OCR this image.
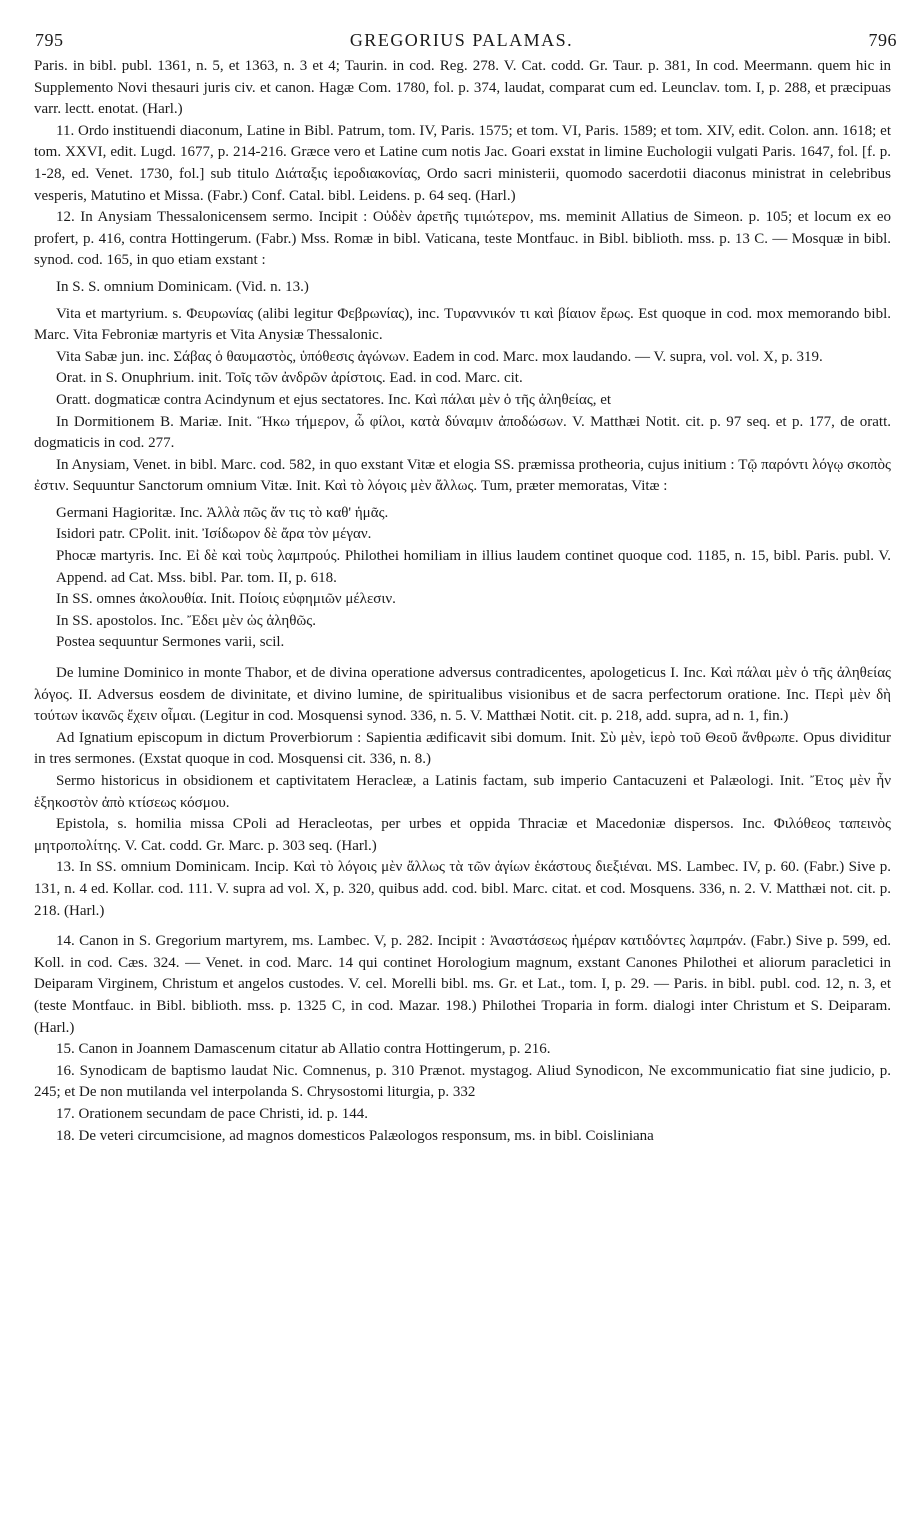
795	GREGORIUS PALAMAS.	796

Paris. in bibl. publ. 1361, n. 5, et 1363, n. 3 et 4; Taurin. in cod. Reg. 278. V. Cat. codd. Gr. Taur. p. 381, In cod. Meermann. quem hic in Supplemento Novi thesauri juris civ. et canon. Hagæ Com. 1780, fol. p. 374, laudat, comparat cum ed. Leunclav. tom. I, p. 288, et præcipuas varr. lectt. enotat. (Harl.)

11. Ordo instituendi diaconum, Latine in Bibl. Patrum, tom. IV, Paris. 1575; et tom. VI, Paris. 1589; et tom. XIV, edit. Colon. ann. 1618; et tom. XXVI, edit. Lugd. 1677, p. 214-216. Græce vero et Latine cum notis Jac. Goari exstat in limine Euchologii vulgati Paris. 1647, fol. [f. p. 1-28, ed. Venet. 1730, fol.] sub titulo Διάταξις ἱεροδιακονίας, Ordo sacri ministerii, quomodo sacerdotii diaconus ministrat in celebribus vesperis, Matutino et Missa. (Fabr.) Conf. Catal. bibl. Leidens. p. 64 seq. (Harl.)

12. In Anysiam Thessalonicensem sermo. Incipit : Οὐδὲν ἀρετῆς τιμιώτερον, ms. meminit Allatius de Simeon. p. 105; et locum ex eo profert, p. 416, contra Hottingerum. (Fabr.) Mss. Romæ in bibl. Vaticana, teste Montfauc. in Bibl. biblioth. mss. p. 13 C. — Mosquæ in bibl. synod. cod. 165, in quo etiam exstant :

In S. S. omnium Dominicam. (Vid. n. 13.)

Vita et martyrium. s. Φευρωνίας (alibi legitur Φεβρωνίας), inc. Τυραννικόν τι καὶ βίαιον ἔρως. Est quoque in cod. mox memorando bibl. Marc. Vita Febroniæ martyris et Vita Anysiæ Thessalonic.

Vita Sabæ jun. inc. Σάβας ὁ θαυμαστὸς, ὑπόθεσις ἀγώνων. Eadem in cod. Marc. mox laudando. — V. supra, vol. vol. X, p. 319.

Orat. in S. Onuphrium. init. Τοῖς τῶν ἀνδρῶν ἀρίστοις. Ead. in cod. Marc. cit.

Oratt. dogmaticæ contra Acindynum et ejus sectatores. Inc. Καὶ πάλαι μὲν ὁ τῆς ἀληθείας, et

In Dormitionem B. Mariæ. Init. Ἥκω τήμερον, ὦ φίλοι, κατὰ δύναμιν ἀποδώσων. V. Matthæi Notit. cit. p. 97 seq. et p. 177, de oratt. dogmaticis in cod. 277.

In Anysiam, Venet. in bibl. Marc. cod. 582, in quo exstant Vitæ et elogia SS. præmissa protheoria, cujus initium : Τῷ παρόντι λόγῳ σκοπὸς ἐστιν. Sequuntur Sanctorum omnium Vitæ. Init. Καὶ τὸ λόγοις μὲν ἄλλως. Tum, præter memoratas, Vitæ :

Germani Hagioritæ. Inc. Ἀλλὰ πῶς ἄν τις τὸ καθ' ἡμᾶς.

Isidori patr. CPolit. init. Ἰσίδωρον δὲ ἄρα τὸν μέγαν.

Phocæ martyris. Inc. Εἰ δὲ καὶ τοὺς λαμπρούς. Philothei homiliam in illius laudem continet quoque cod. 1185, n. 15, bibl. Paris. publ. V. Append. ad Cat. Mss. bibl. Par. tom. II, p. 618.

In SS. omnes ἀκολουθία. Init. Ποίοις εὐφημιῶν μέλεσιν.

In SS. apostolos. Inc. Ἔδει μὲν ὡς ἀληθῶς.

Postea sequuntur Sermones varii, scil.

De lumine Dominico in monte Thabor, et de divina operatione adversus contradicentes, apologeticus I. Inc. Καὶ πάλαι μὲν ὁ τῆς ἀληθείας λόγος. II. Adversus eosdem de divinitate, et divino lumine, de spiritualibus visionibus et de sacra perfectorum oratione. Inc. Περὶ μὲν δὴ τούτων ἱκανῶς ἔχειν οἶμαι. (Legitur in cod. Mosquensi synod. 336, n. 5. V. Matthæi Notit. cit. p. 218, add. supra, ad n. 1, fin.)

Ad Ignatium episcopum in dictum Proverbiorum : Sapientia ædificavit sibi domum. Init. Σὺ μὲν, ἱερὸ τοῦ Θεοῦ ἄνθρωπε. Opus dividitur in tres sermones. (Exstat quoque in cod. Mosquensi cit. 336, n. 8.)

Sermo historicus in obsidionem et captivitatem Heracleæ, a Latinis factam, sub imperio Cantacuzeni et Palæologi. Init. Ἔτος μὲν ἦν ἑξηκοστὸν ἀπὸ κτίσεως κόσμου.

Epistola, s. homilia missa CPoli ad Heracleotas, per urbes et oppida Thraciæ et Macedoniæ dispersos. Inc. Φιλόθεος ταπεινὸς μητροπολίτης. V. Cat. codd. Gr. Marc. p. 303 seq. (Harl.)

13. In SS. omnium Dominicam. Incip. Καὶ τὸ λόγοις μὲν ἄλλως τὰ τῶν ἁγίων ἑκάστους διεξιέναι. MS. Lambec. IV, p. 60. (Fabr.) Sive p. 131, n. 4 ed. Kollar. cod. 111. V. supra ad vol. X, p. 320, quibus add. cod. bibl. Marc. citat. et cod. Mosquens. 336, n. 2. V. Matthæi not. cit. p. 218. (Harl.)

14. Canon in S. Gregorium martyrem, ms. Lambec. V, p. 282. Incipit : Ἀναστάσεως ἡμέραν κατιδόντες λαμπράν. (Fabr.) Sive p. 599, ed. Koll. in cod. Cæs. 324. — Venet. in cod. Marc. 14 qui continet Horologium magnum, exstant Canones Philothei et aliorum paracletici in Deiparam Virginem, Christum et angelos custodes. V. cel. Morelli bibl. ms. Gr. et Lat., tom. I, p. 29. — Paris. in bibl. publ. cod. 12, n. 3, et (teste Montfauc. in Bibl. biblioth. mss. p. 1325 C, in cod. Mazar. 198.) Philothei Troparia in form. dialogi inter Christum et S. Deiparam. (Harl.)

15. Canon in Joannem Damascenum citatur ab Allatio contra Hottingerum, p. 216.

16. Synodicam de baptismo laudat Nic. Comnenus, p. 310 Prænot. mystagog. Aliud Synodicon, Ne excommunicatio fiat sine judicio, p. 245; et De non mutilanda vel interpolanda S. Chrysostomi liturgia, p. 332

17. Orationem secundam de pace Christi, id. p. 144.

18. De veteri circumcisione, ad magnos domesticos Palæologos responsum, ms. in bibl. Coisliniana
